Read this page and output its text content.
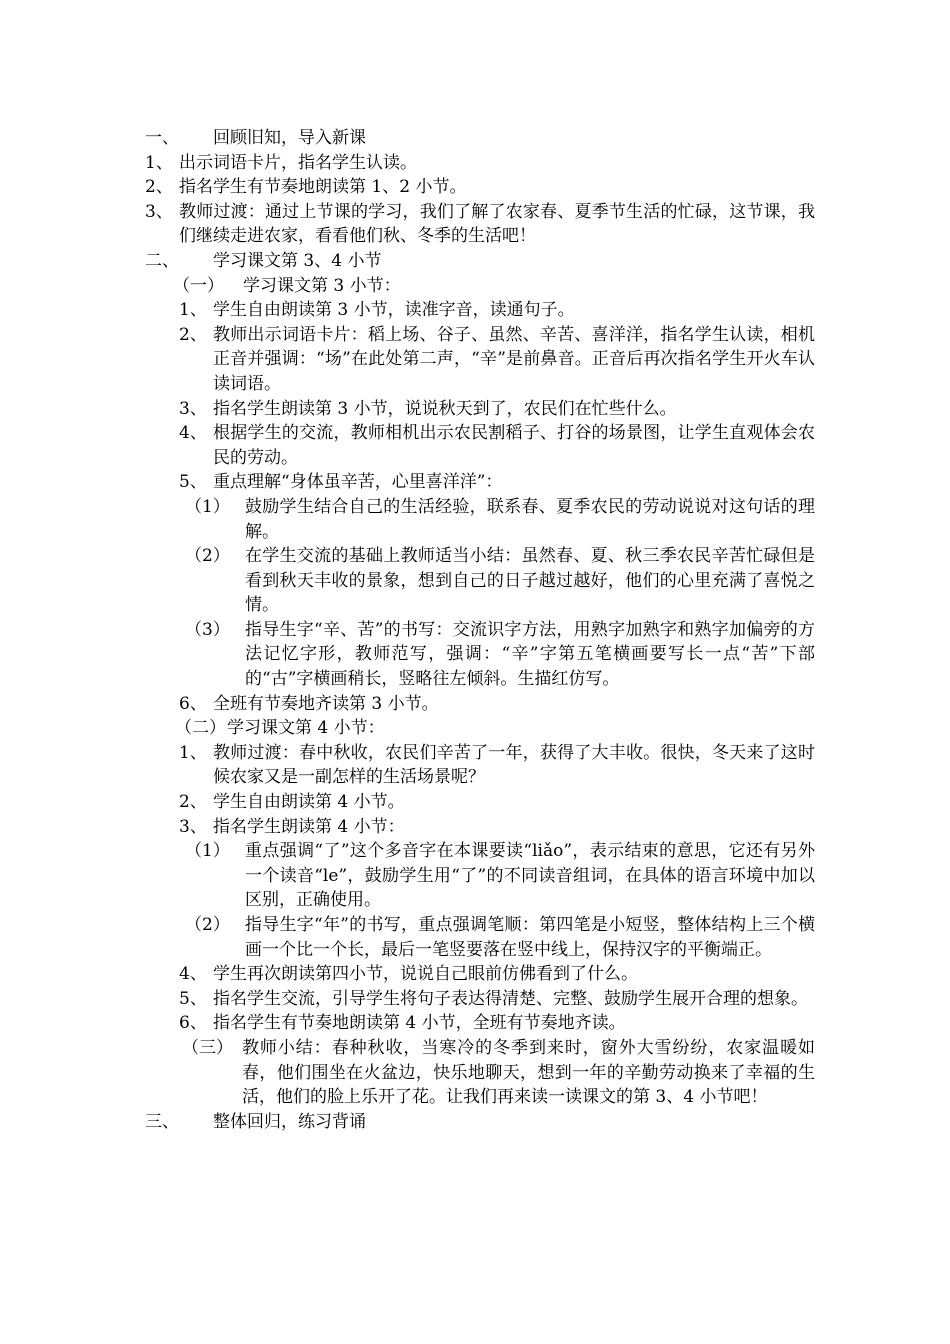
一、	回顾旧知，导入新课
1、 出示词语卡片，指名学生认读。
2、 指名学生有节奏地朗读第 1、2 小节。
3、 教师过渡：通过上节课的学习，我们了解了农家春、夏季节生活的忙碌，这节课，我们继续走进农家，看看他们秋、冬季的生活吧！
二、	学习课文第 3、4 小节
（一）	学习课文第 3 小节：
1、 学生自由朗读第 3 小节，读准字音，读通句子。
2、 教师出示词语卡片：稻上场、谷子、虽然、辛苦、喜洋洋，指名学生认读，相机正音并强调：“场”在此处第二声，“辛”是前鼻音。正音后再次指名学生开火车认读词语。
3、 指名学生朗读第 3 小节，说说秋天到了，农民们在忙些什么。
4、 根据学生的交流，教师相机出示农民割稻子、打谷的场景图，让学生直观体会农民的劳动。
5、 重点理解“身体虽辛苦，心里喜洋洋”：
（1） 鼓励学生结合自己的生活经验，联系春、夏季农民的劳动说说对这句话的理解。
（2） 在学生交流的基础上教师适当小结：虽然春、夏、秋三季农民辛苦忙碌但是看到秋天丰收的景象，想到自己的日子越过越好，他们的心里充满了喜悦之情。
（3） 指导生字“辛、苦”的书写：交流识字方法，用熟字加熟字和熟字加偏旁的方法记忆字形，教师范写，强调：“辛”字第五笔横画要写长一点“苦”下部的“古”字横画稍长，竖略往左倾斜。生描红仿写。
6、 全班有节奏地齐读第 3 小节。
（二） 学习课文第 4 小节：
1、 教师过渡：春中秋收，农民们辛苦了一年，获得了大丰收。很快，冬天来了这时候农家又是一副怎样的生活场景呢？
2、 学生自由朗读第 4 小节。
3、 指名学生朗读第 4 小节：
（1） 重点强调“了”这个多音字在本课要读“liǎo”，表示结束的意思，它还有另外一个读音“le”，鼓励学生用“了”的不同读音组词，在具体的语言环境中加以区别，正确使用。
（2） 指导生字“年”的书写，重点强调笔顺：第四笔是小短竖，整体结构上三个横画一个比一个长，最后一笔竖要落在竖中线上，保持汉字的平衡端正。
4、 学生再次朗读第四小节，说说自己眼前仿佛看到了什么。
5、 指名学生交流，引导学生将句子表达得清楚、完整、鼓励学生展开合理的想象。
6、 指名学生有节奏地朗读第 4 小节，全班有节奏地齐读。
（三） 教师小结：春种秋收，当寒冷的冬季到来时，窗外大雪纷纷，农家温暖如春，他们围坐在火盆边，快乐地聊天，想到一年的辛勤劳动换来了幸福的生活，他们的脸上乐开了花。让我们再来读一读课文的第 3、4 小节吧！
三、	整体回归，练习背诵
